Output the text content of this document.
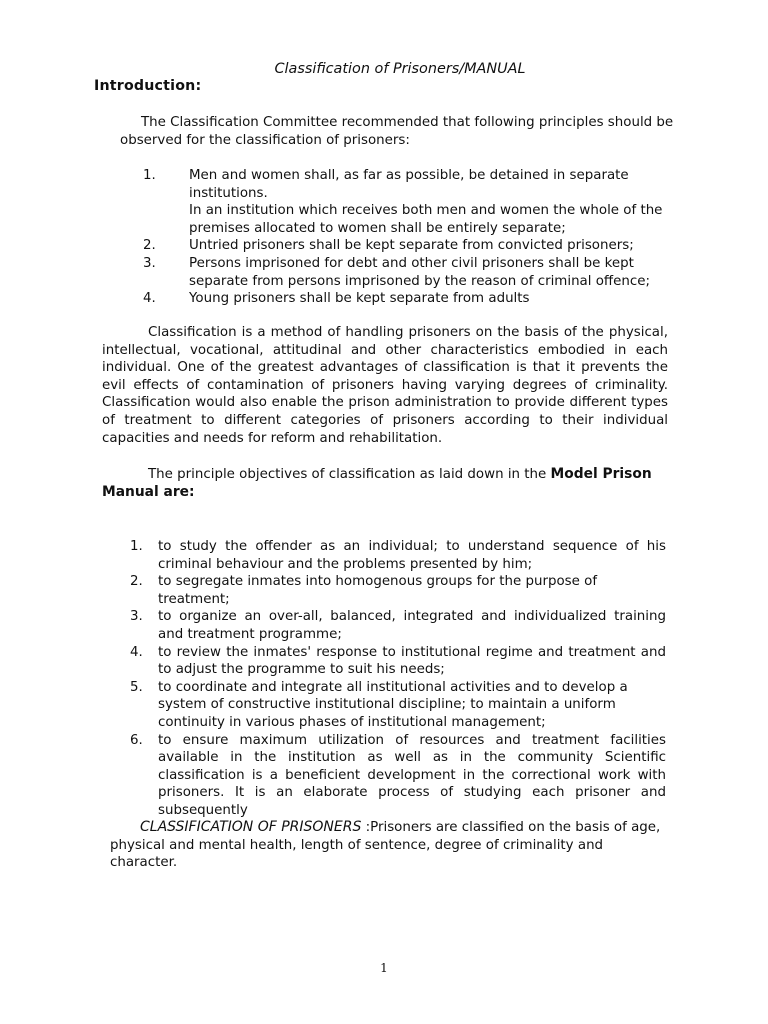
Classification of Prisoners/MANUAL
Introduction:
The Classification Committee recommended that following principles should be observed for the classification of prisoners:
1.	Men and women shall, as far as possible, be detained in separate institutions.
In an institution which receives both men and women the whole of the premises allocated to women shall be entirely separate;
2.	Untried prisoners shall be kept separate from convicted prisoners;
3.	Persons imprisoned for debt and other civil prisoners shall be kept separate from persons imprisoned by the reason of criminal offence;
4.	Young prisoners shall be kept separate from adults
Classification is a method of handling prisoners on the basis of the physical, intellectual, vocational, attitudinal and other characteristics embodied in each individual. One of the greatest advantages of classification is that it prevents the evil effects of contamination of prisoners having varying degrees of criminality. Classification would also enable the prison administration to provide different types of treatment to different categories of prisoners according to their individual capacities and needs for reform and rehabilitation.
The principle objectives of classification as laid down in the Model Prison Manual are:
1.	to study the offender as an individual; to understand sequence of his criminal behaviour and the problems presented by him;
2.	to segregate inmates into homogenous groups for the purpose of treatment;
3.	to organize an over-all, balanced, integrated and individualized training and treatment programme;
4.	to review the inmates' response to institutional regime and treatment and to adjust the programme to suit his needs;
5.	to coordinate and integrate all institutional activities and to develop a system of constructive institutional discipline; to maintain a uniform continuity in various phases of institutional management;
6.	to ensure maximum utilization of resources and treatment facilities available in the institution as well as in the community Scientific classification is a beneficient development in the correctional work with prisoners. It is an elaborate process of studying each prisoner and subsequently
CLASSIFICATION OF PRISONERS :Prisoners are classified on the basis of age, physical and mental health, length of sentence, degree of criminality and character.
1
